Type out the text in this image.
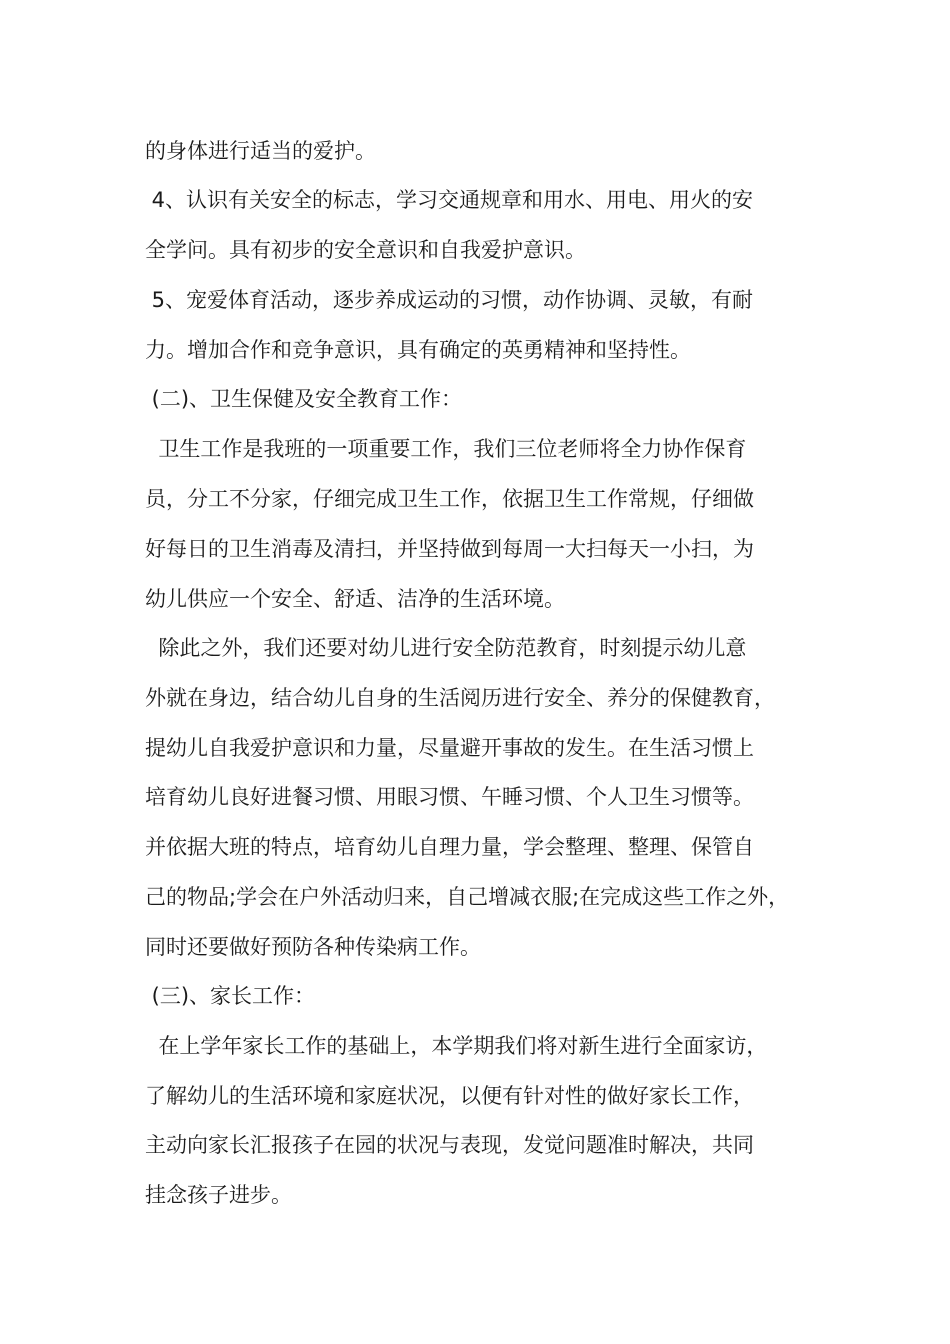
的身体进行适当的爱护。
4、认识有关安全的标志，学习交通规章和用水、用电、用火的安
全学问。具有初步的安全意识和自我爱护意识。
5、宠爱体育活动，逐步养成运动的习惯，动作协调、灵敏，有耐
力。增加合作和竞争意识，具有确定的英勇精神和坚持性。
(二)、卫生保健及安全教育工作：
卫生工作是我班的一项重要工作，我们三位老师将全力协作保育
员，分工不分家，仔细完成卫生工作，依据卫生工作常规，仔细做
好每日的卫生消毒及清扫，并坚持做到每周一大扫每天一小扫，为
幼儿供应一个安全、舒适、洁净的生活环境。
除此之外，我们还要对幼儿进行安全防范教育，时刻提示幼儿意
外就在身边，结合幼儿自身的生活阅历进行安全、养分的保健教育，
提幼儿自我爱护意识和力量，尽量避开事故的发生。在生活习惯上
培育幼儿良好进餐习惯、用眼习惯、午睡习惯、个人卫生习惯等。
并依据大班的特点，培育幼儿自理力量，学会整理、整理、保管自
己的物品;学会在户外活动归来，自己增减衣服;在完成这些工作之外，
同时还要做好预防各种传染病工作。
(三)、家长工作：
在上学年家长工作的基础上，本学期我们将对新生进行全面家访，
了解幼儿的生活环境和家庭状况，以便有针对性的做好家长工作，
主动向家长汇报孩子在园的状况与表现，发觉问题准时解决，共同
挂念孩子进步。
